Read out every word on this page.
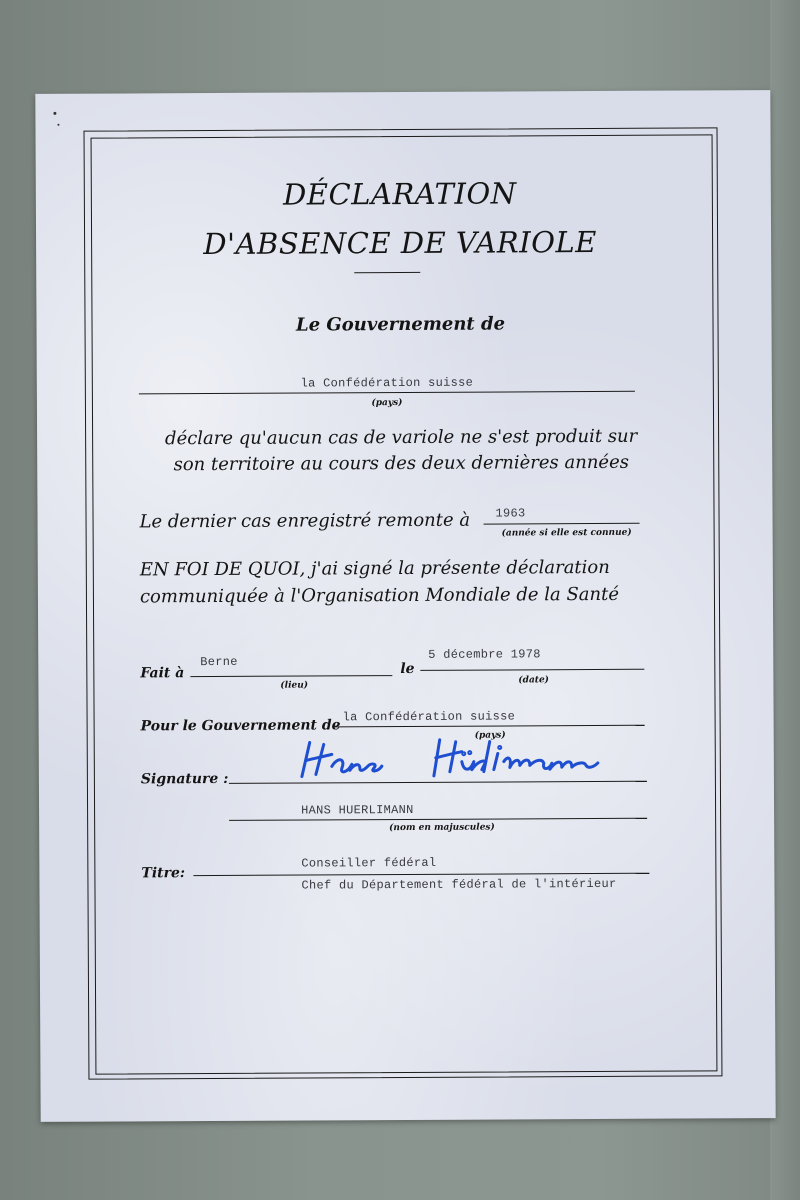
DÉCLARATION
D'ABSENCE DE VARIOLE
Le Gouvernement de
la Confédération suisse
(pays)
déclare qu'aucun cas de variole ne s'est produit sur
son territoire au cours des deux dernières années
Le dernier cas enregistré remonte à 1963
(année si elle est connue)
EN FOI DE QUOI, j'ai signé la présente déclaration
communiquée à l'Organisation Mondiale de la Santé
Fait à
Berne
(lieu)
le
5 décembre 1978
(date)
Pour le Gouvernement de
la Confédération suisse
(pays)
Signature :
HANS HUERLIMANN
(nom en majuscules)
Titre:
Conseiller fédéral
Chef du Département fédéral de l'intérieur
